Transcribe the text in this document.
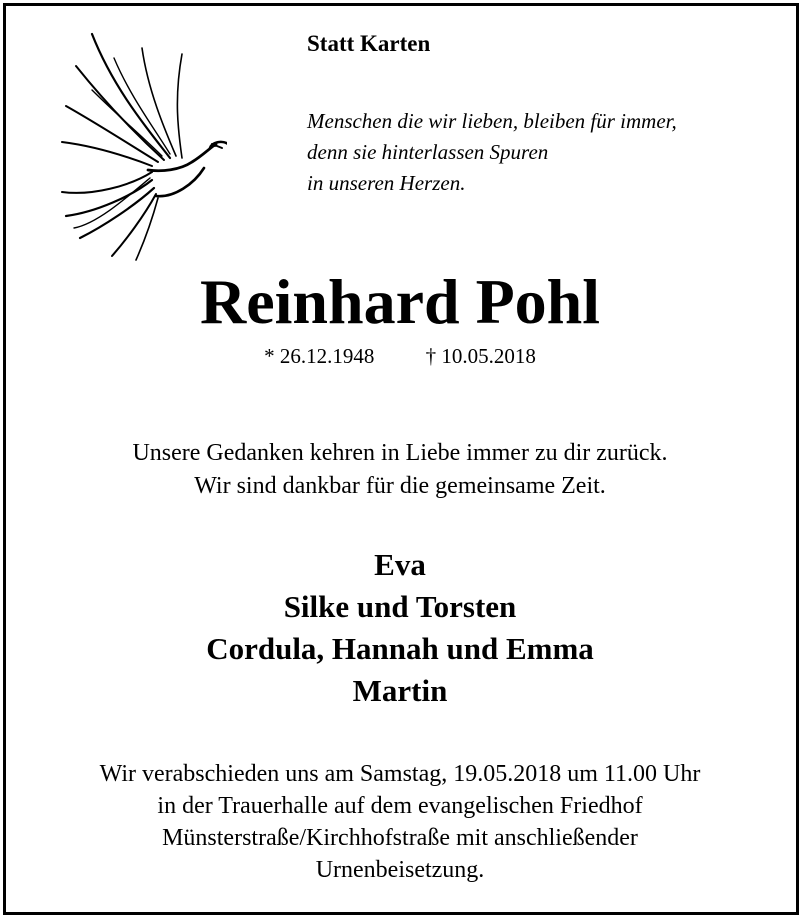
Statt Karten

Menschen die wir lieben, bleiben für immer,
denn sie hinterlassen Spuren
in unseren Herzen.

Reinhard Pohl

* 26.12.1948 † 10.05.2018

Unsere Gedanken kehren in Liebe immer zu dir zurück.
Wir sind dankbar für die gemeinsame Zeit.

Eva
Silke und Torsten
Cordula, Hannah und Emma
Martin

Wir verabschieden uns am Samstag, 19.05.2018 um 11.00 Uhr
in der Trauerhalle auf dem evangelischen Friedhof
Münsterstraße/Kirchhofstraße mit anschließender
Urnenbeisetzung.
